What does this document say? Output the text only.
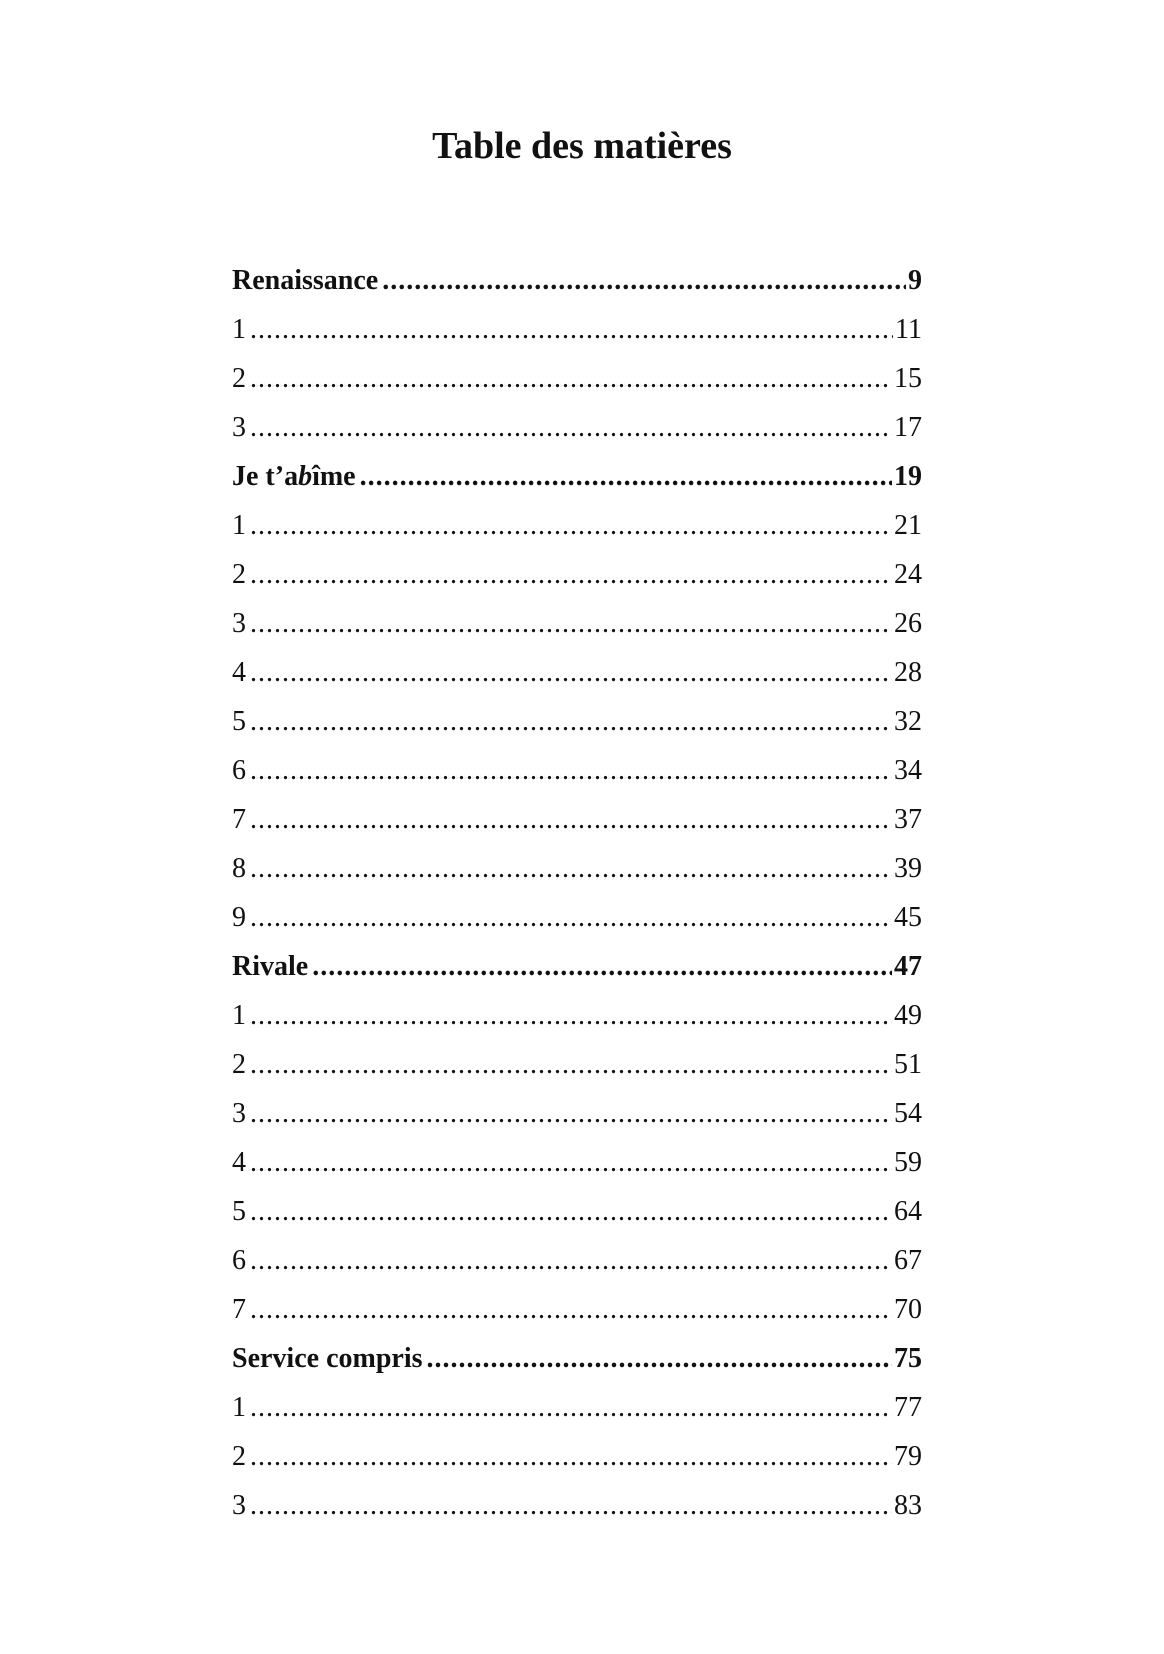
Table des matières
Renaissance .....	9
1 .....	11
2 .....	15
3 .....	17
Je t’abîme .....	19
1 .....	21
2 .....	24
3 .....	26
4 .....	28
5 .....	32
6 .....	34
7 .....	37
8 .....	39
9 .....	45
Rivale .....	47
1 .....	49
2 .....	51
3 .....	54
4 .....	59
5 .....	64
6 .....	67
7 .....	70
Service compris .....	75
1 .....	77
2 .....	79
3 .....	83
